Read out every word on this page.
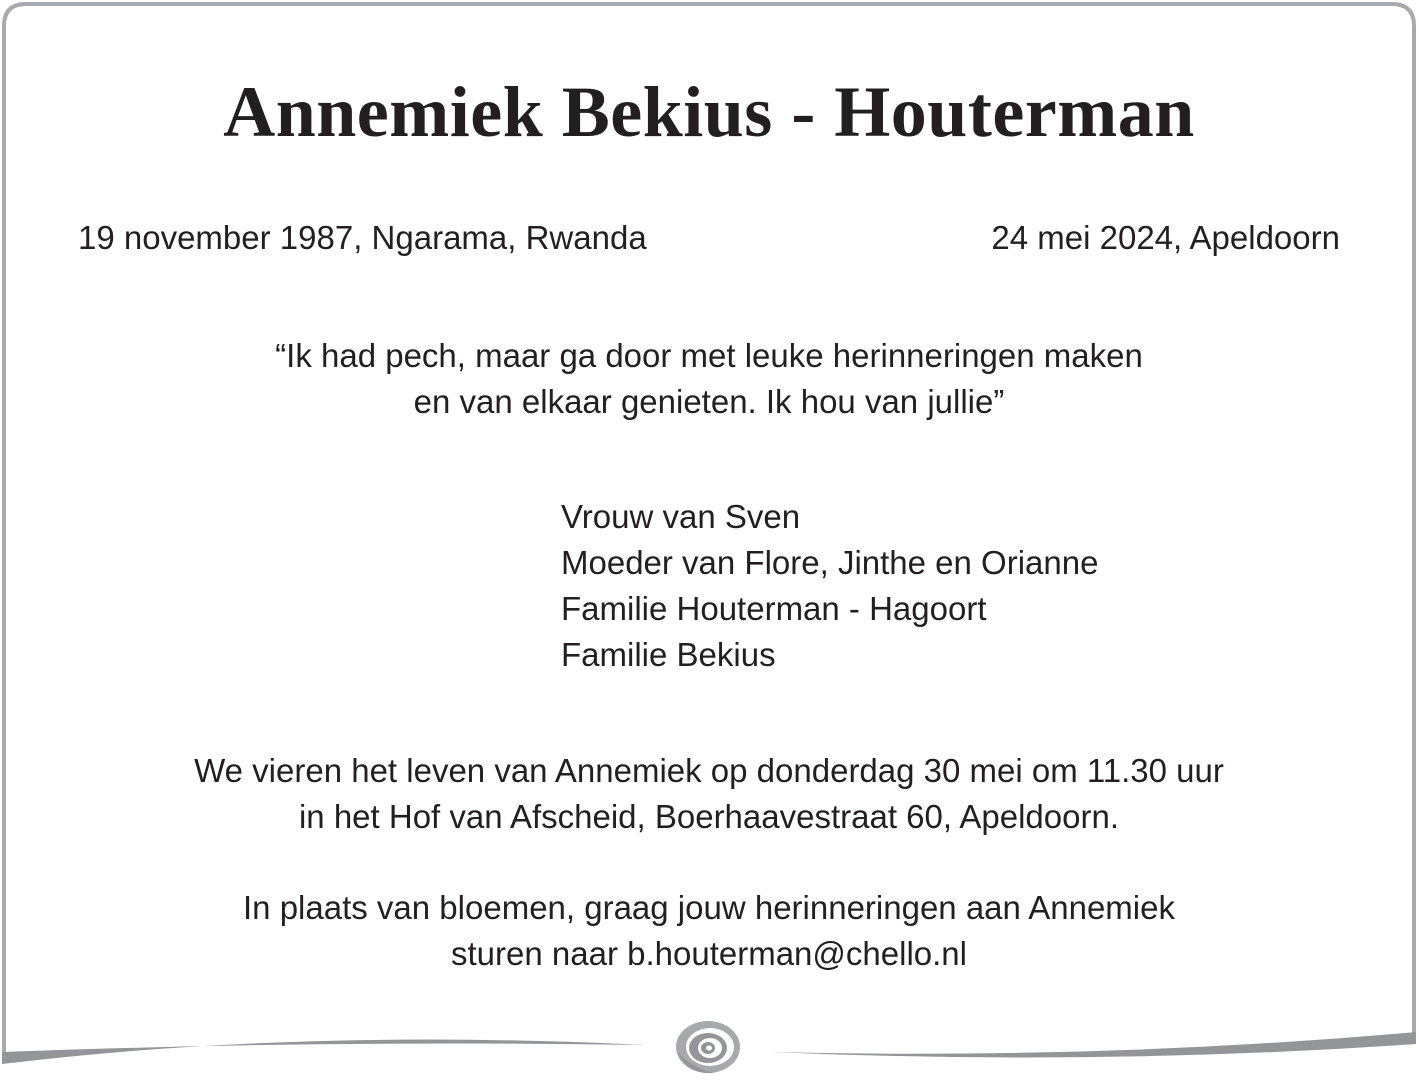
Annemiek Bekius - Houterman
19 november 1987, Ngarama, Rwanda	24 mei 2024, Apeldoorn
“Ik had pech, maar ga door met leuke herinneringen maken
en van elkaar genieten. Ik hou van jullie”
Vrouw van Sven
Moeder van Flore, Jinthe en Orianne
Familie Houterman - Hagoort
Familie Bekius
We vieren het leven van Annemiek op donderdag 30 mei om 11.30 uur
in het Hof van Afscheid, Boerhaavestraat 60, Apeldoorn.
In plaats van bloemen, graag jouw herinneringen aan Annemiek
sturen naar b.houterman@chello.nl
